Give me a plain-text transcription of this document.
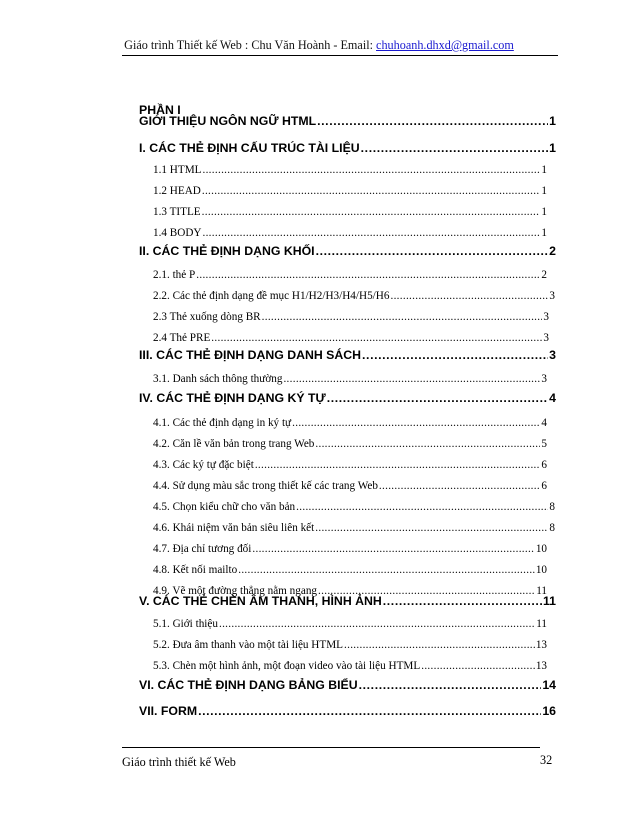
Giáo trình Thiết kế Web : Chu Văn Hoành - Email: chuhoanh.dhxd@gmail.com
PHẦN I
GIỚI THIỆU NGÔN NGỮ HTML .....	1
I. CÁC THẺ ĐỊNH CẤU TRÚC TÀI LIỆU .....	1
1.1 HTML .....	1
1.2 HEAD .....	1
1.3 TITLE .....	1
1.4 BODY .....	1
II. CÁC THẺ ĐỊNH DẠNG KHỐI .....	2
2.1. thẻ P .....	2
2.2. Các thẻ định dạng đề mục H1/H2/H3/H4/H5/H6 .....	3
2.3 Thẻ xuống dòng BR .....	3
2.4 Thẻ PRE .....	3
III. CÁC THẺ ĐỊNH DẠNG DANH SÁCH .....	3
3.1. Danh sách thông thường .....	3
IV. CÁC THẺ ĐỊNH DẠNG KÝ TỰ .....	4
4.1. Các thẻ định dạng in ký tự .....	4
4.2. Căn lề văn bản trong trang Web .....	5
4.3. Các ký tự đặc biệt .....	6
4.4. Sử dụng màu sắc trong thiết kế các trang Web .....	6
4.5. Chọn kiểu chữ cho văn bản .....	8
4.6. Khái niệm văn bản siêu liên kết .....	8
4.7. Địa chỉ tương đối .....	10
4.8. Kết nối mailto .....	10
4.9. Vẽ một đường thẳng nằm ngang .....	11
V. CÁC THẺ CHÈN ÂM THANH, HÌNH ẢNH .....	11
5.1. Giới thiệu .....	11
5.2. Đưa âm thanh vào một tài liệu HTML .....	13
5.3. Chèn một hình ảnh, một đoạn video vào tài liệu HTML .....	13
VI. CÁC THẺ ĐỊNH DẠNG BẢNG BIỂU .....	14
VII. FORM .....	16
Giáo trình thiết kế Web	32
